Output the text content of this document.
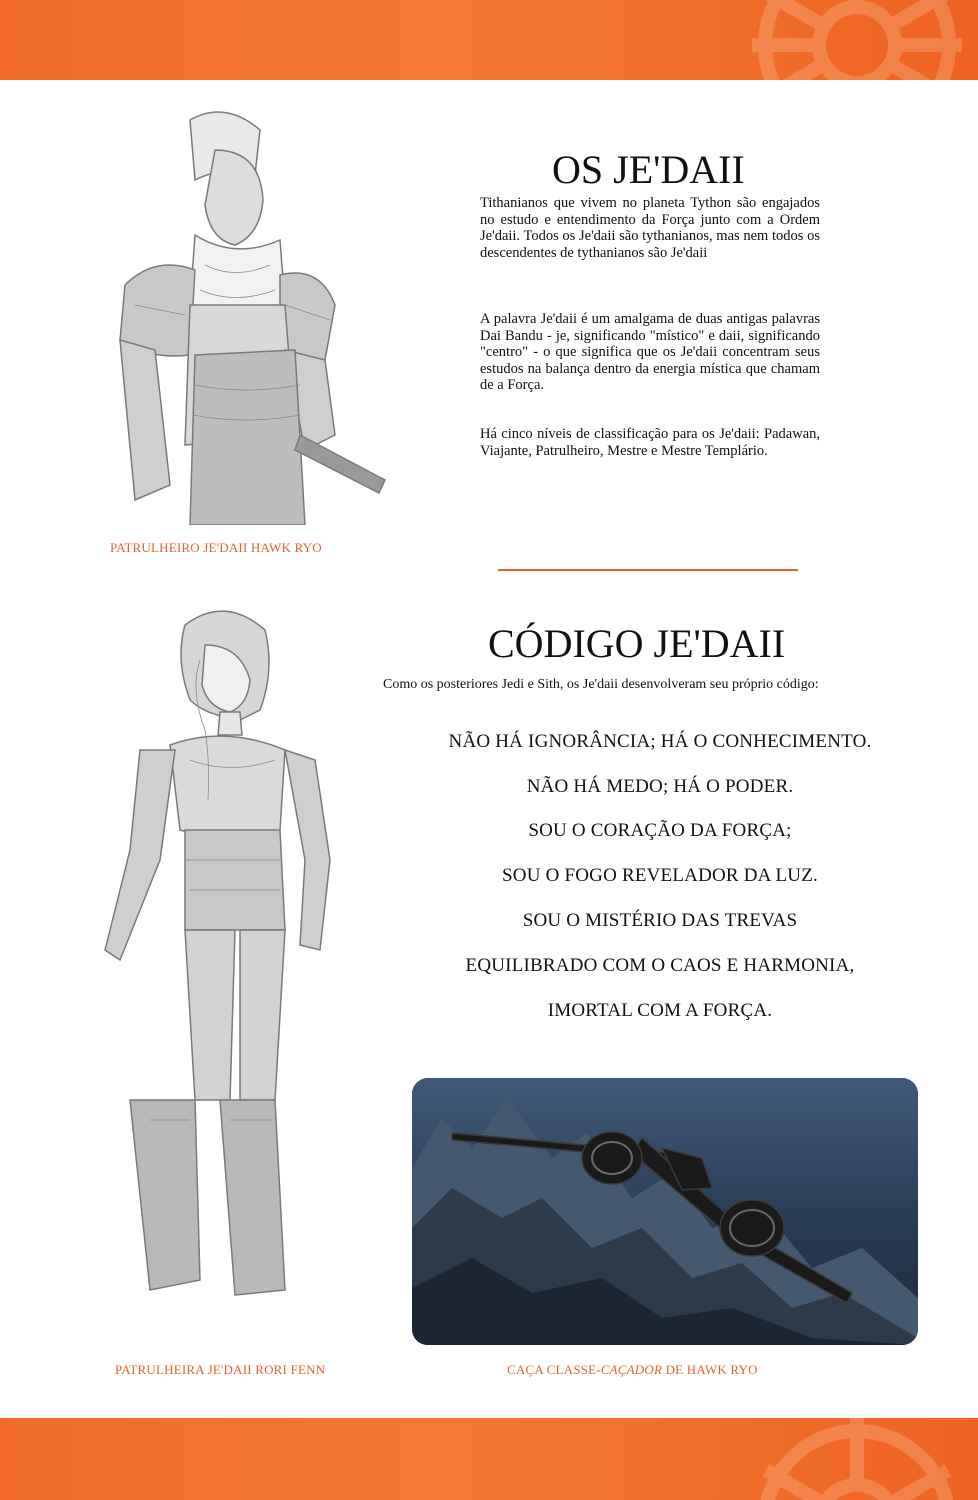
PATRULHEIRO JE'DAII HAWK RYO
OS JE'DAII

Tithanianos que vivem no planeta Tython são engajados no estudo e entendimento da Força junto com a Ordem Je'daii. Todos os Je'daii são tythanianos, mas nem todos os descendentes de tythanianos são Je'daii

A palavra Je'daii é um amalgama de duas antigas palavras Dai Bandu - je, significando "místico" e daii, significando "centro" - o que significa que os Je'daii concentram seus estudos na balança dentro da energia mística que chamam de a Força.

Há cinco níveis de classificação para os Je'daii: Padawan, Viajante, Patrulheiro, Mestre e Mestre Templário.

CÓDIGO JE'DAII

Como os posteriores Jedi e Sith, os Je'daii desenvolveram seu próprio código:

NÃO HÁ IGNORÂNCIA; HÁ O CONHECIMENTO.

NÃO HÁ MEDO; HÁ O PODER.

SOU O CORAÇÃO DA FORÇA;

SOU O FOGO REVELADOR DA LUZ.

SOU O MISTÉRIO DAS TREVAS

EQUILIBRADO COM O CAOS E HARMONIA,

IMORTAL COM A FORÇA.

PATRULHEIRA JE'DAII RORI FENN	CAÇA CLASSE-CAÇADOR DE HAWK RYO
